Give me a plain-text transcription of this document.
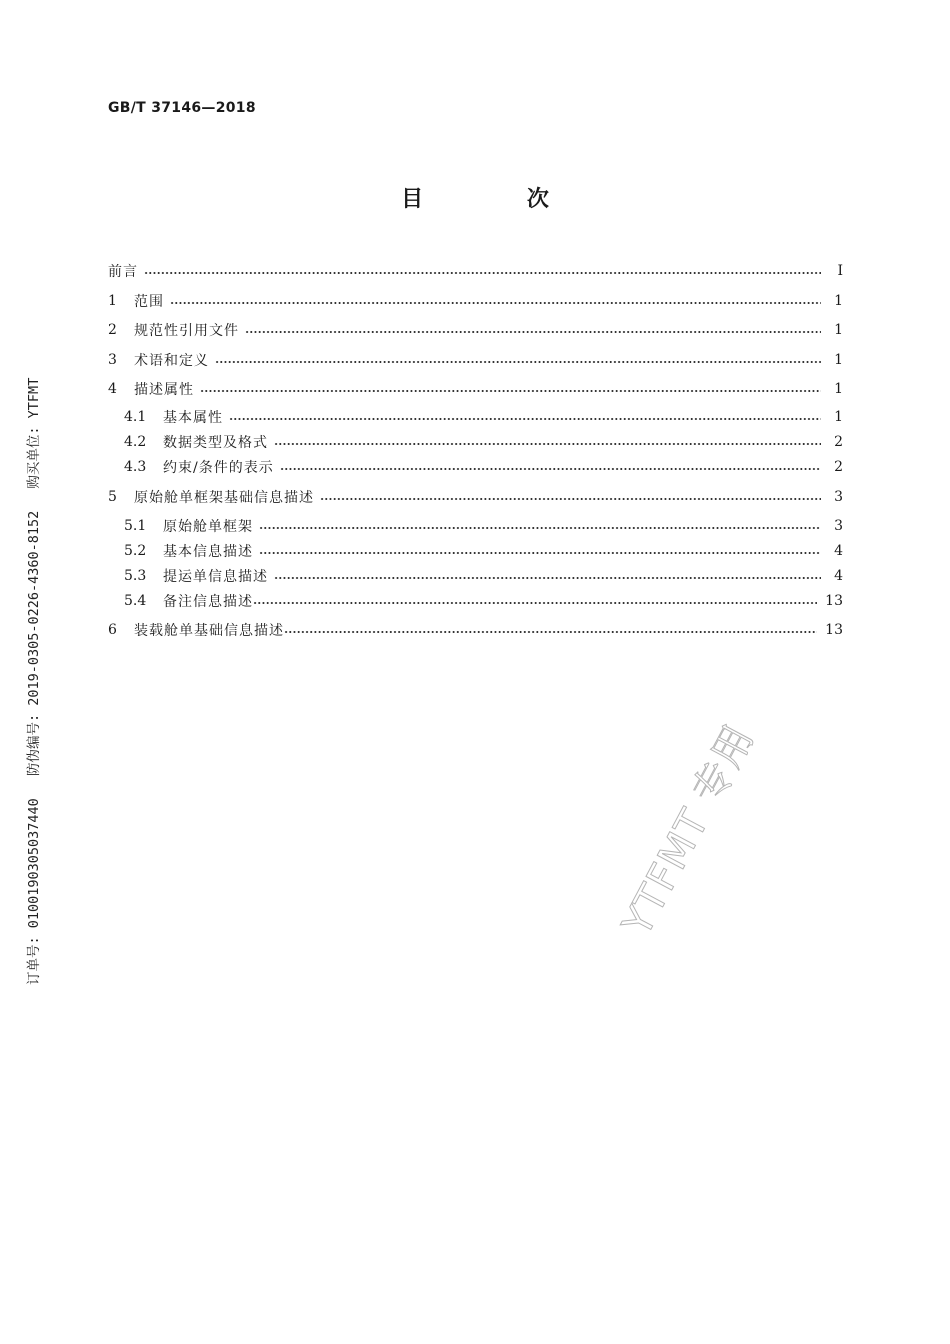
GB/T 37146—2018
目 次
前言	Ⅰ
1	范围	1
2	规范性引用文件	1
3	术语和定义	1
4	描述属性	1
4.1	基本属性	1
4.2	数据类型及格式	2
4.3	约束/条件的表示	2
5	原始舱单框架基础信息描述	3
5.1	原始舱单框架	3
5.2	基本信息描述	4
5.3	提运单信息描述	4
5.4	备注信息描述	13
6	装载舱单基础信息描述	13
订单号: 0100190305037440 防伪编号: 2019-0305-0226-4360-8152 购买单位: YTFMT
YTFMT 专用
